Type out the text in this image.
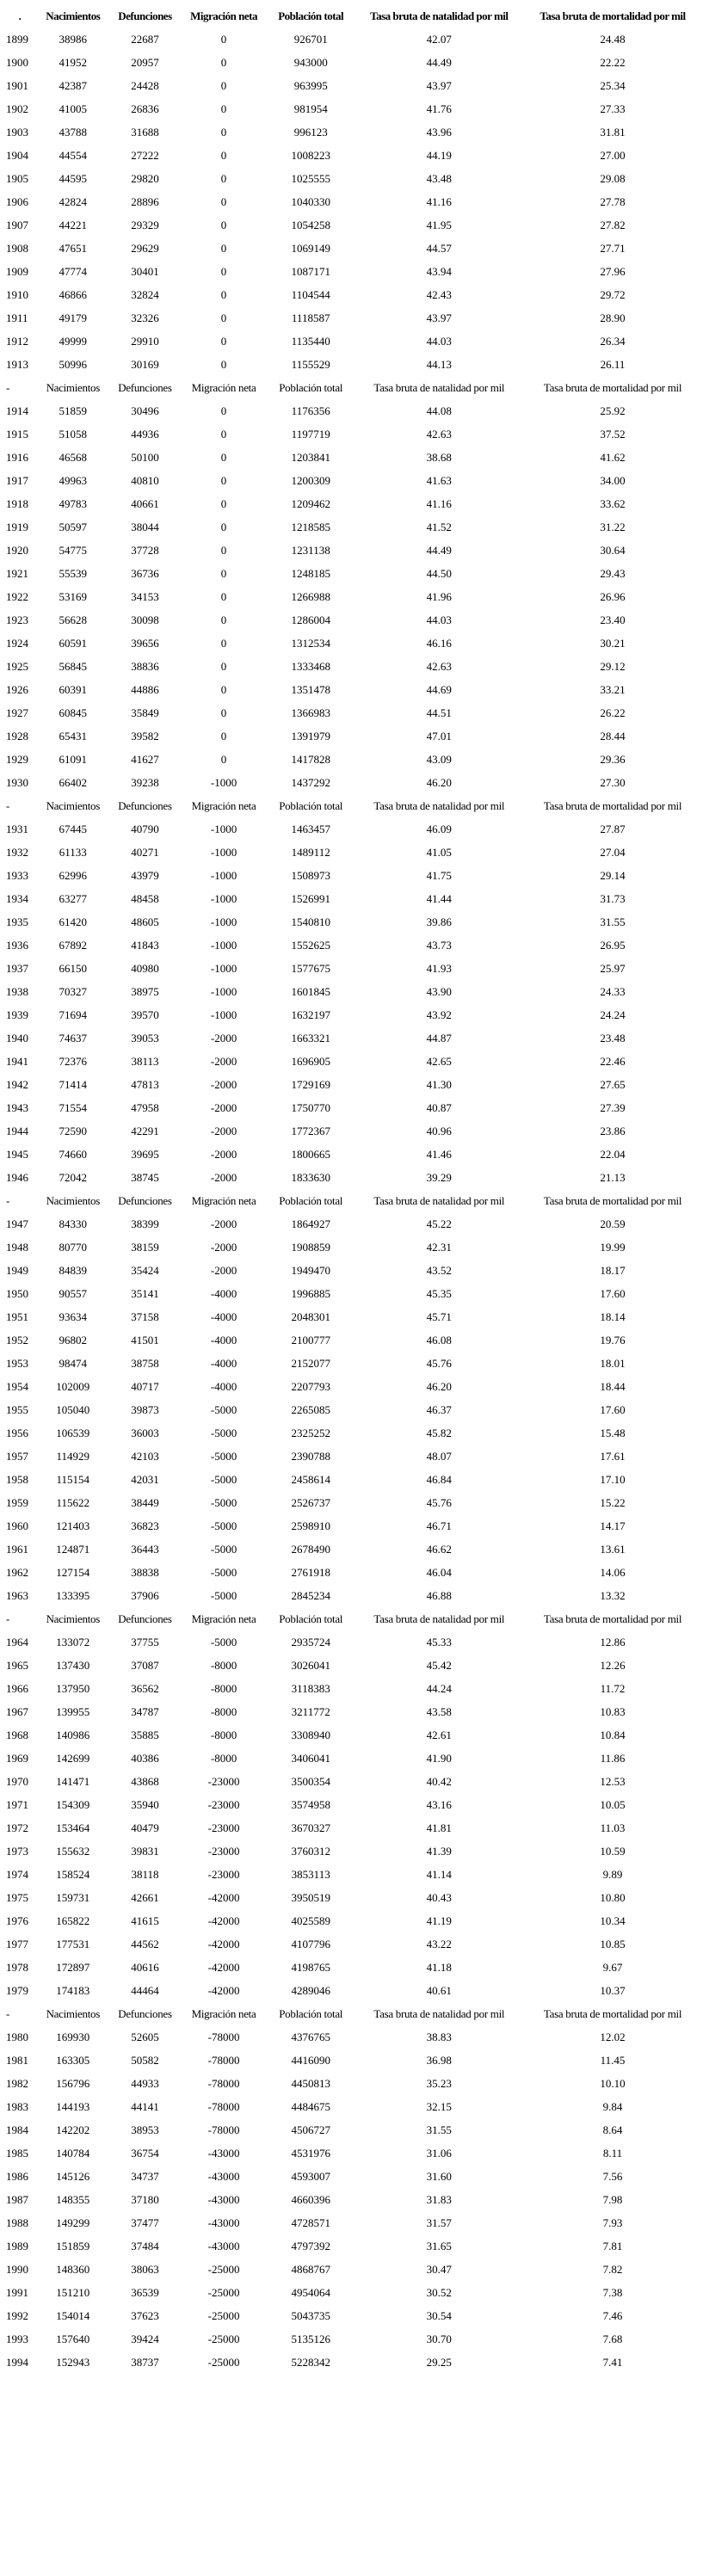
.	Nacimientos	Defunciones	Migración neta	Población total	Tasa bruta de natalidad por mil	Tasa bruta de mortalidad por mil
1899	38986	22687	0	926701	42.07	24.48
1900	41952	20957	0	943000	44.49	22.22
1901	42387	24428	0	963995	43.97	25.34
1902	41005	26836	0	981954	41.76	27.33
1903	43788	31688	0	996123	43.96	31.81
1904	44554	27222	0	1008223	44.19	27.00
1905	44595	29820	0	1025555	43.48	29.08
1906	42824	28896	0	1040330	41.16	27.78
1907	44221	29329	0	1054258	41.95	27.82
1908	47651	29629	0	1069149	44.57	27.71
1909	47774	30401	0	1087171	43.94	27.96
1910	46866	32824	0	1104544	42.43	29.72
1911	49179	32326	0	1118587	43.97	28.90
1912	49999	29910	0	1135440	44.03	26.34
1913	50996	30169	0	1155529	44.13	26.11
-	Nacimientos	Defunciones	Migración neta	Población total	Tasa bruta de natalidad por mil	Tasa bruta de mortalidad por mil
1914	51859	30496	0	1176356	44.08	25.92
1915	51058	44936	0	1197719	42.63	37.52
1916	46568	50100	0	1203841	38.68	41.62
1917	49963	40810	0	1200309	41.63	34.00
1918	49783	40661	0	1209462	41.16	33.62
1919	50597	38044	0	1218585	41.52	31.22
1920	54775	37728	0	1231138	44.49	30.64
1921	55539	36736	0	1248185	44.50	29.43
1922	53169	34153	0	1266988	41.96	26.96
1923	56628	30098	0	1286004	44.03	23.40
1924	60591	39656	0	1312534	46.16	30.21
1925	56845	38836	0	1333468	42.63	29.12
1926	60391	44886	0	1351478	44.69	33.21
1927	60845	35849	0	1366983	44.51	26.22
1928	65431	39582	0	1391979	47.01	28.44
1929	61091	41627	0	1417828	43.09	29.36
1930	66402	39238	-1000	1437292	46.20	27.30
-	Nacimientos	Defunciones	Migración neta	Población total	Tasa bruta de natalidad por mil	Tasa bruta de mortalidad por mil
1931	67445	40790	-1000	1463457	46.09	27.87
1932	61133	40271	-1000	1489112	41.05	27.04
1933	62996	43979	-1000	1508973	41.75	29.14
1934	63277	48458	-1000	1526991	41.44	31.73
1935	61420	48605	-1000	1540810	39.86	31.55
1936	67892	41843	-1000	1552625	43.73	26.95
1937	66150	40980	-1000	1577675	41.93	25.97
1938	70327	38975	-1000	1601845	43.90	24.33
1939	71694	39570	-1000	1632197	43.92	24.24
1940	74637	39053	-2000	1663321	44.87	23.48
1941	72376	38113	-2000	1696905	42.65	22.46
1942	71414	47813	-2000	1729169	41.30	27.65
1943	71554	47958	-2000	1750770	40.87	27.39
1944	72590	42291	-2000	1772367	40.96	23.86
1945	74660	39695	-2000	1800665	41.46	22.04
1946	72042	38745	-2000	1833630	39.29	21.13
-	Nacimientos	Defunciones	Migración neta	Población total	Tasa bruta de natalidad por mil	Tasa bruta de mortalidad por mil
1947	84330	38399	-2000	1864927	45.22	20.59
1948	80770	38159	-2000	1908859	42.31	19.99
1949	84839	35424	-2000	1949470	43.52	18.17
1950	90557	35141	-4000	1996885	45.35	17.60
1951	93634	37158	-4000	2048301	45.71	18.14
1952	96802	41501	-4000	2100777	46.08	19.76
1953	98474	38758	-4000	2152077	45.76	18.01
1954	102009	40717	-4000	2207793	46.20	18.44
1955	105040	39873	-5000	2265085	46.37	17.60
1956	106539	36003	-5000	2325252	45.82	15.48
1957	114929	42103	-5000	2390788	48.07	17.61
1958	115154	42031	-5000	2458614	46.84	17.10
1959	115622	38449	-5000	2526737	45.76	15.22
1960	121403	36823	-5000	2598910	46.71	14.17
1961	124871	36443	-5000	2678490	46.62	13.61
1962	127154	38838	-5000	2761918	46.04	14.06
1963	133395	37906	-5000	2845234	46.88	13.32
-	Nacimientos	Defunciones	Migración neta	Población total	Tasa bruta de natalidad por mil	Tasa bruta de mortalidad por mil
1964	133072	37755	-5000	2935724	45.33	12.86
1965	137430	37087	-8000	3026041	45.42	12.26
1966	137950	36562	-8000	3118383	44.24	11.72
1967	139955	34787	-8000	3211772	43.58	10.83
1968	140986	35885	-8000	3308940	42.61	10.84
1969	142699	40386	-8000	3406041	41.90	11.86
1970	141471	43868	-23000	3500354	40.42	12.53
1971	154309	35940	-23000	3574958	43.16	10.05
1972	153464	40479	-23000	3670327	41.81	11.03
1973	155632	39831	-23000	3760312	41.39	10.59
1974	158524	38118	-23000	3853113	41.14	9.89
1975	159731	42661	-42000	3950519	40.43	10.80
1976	165822	41615	-42000	4025589	41.19	10.34
1977	177531	44562	-42000	4107796	43.22	10.85
1978	172897	40616	-42000	4198765	41.18	9.67
1979	174183	44464	-42000	4289046	40.61	10.37
-	Nacimientos	Defunciones	Migración neta	Población total	Tasa bruta de natalidad por mil	Tasa bruta de mortalidad por mil
1980	169930	52605	-78000	4376765	38.83	12.02
1981	163305	50582	-78000	4416090	36.98	11.45
1982	156796	44933	-78000	4450813	35.23	10.10
1983	144193	44141	-78000	4484675	32.15	9.84
1984	142202	38953	-78000	4506727	31.55	8.64
1985	140784	36754	-43000	4531976	31.06	8.11
1986	145126	34737	-43000	4593007	31.60	7.56
1987	148355	37180	-43000	4660396	31.83	7.98
1988	149299	37477	-43000	4728571	31.57	7.93
1989	151859	37484	-43000	4797392	31.65	7.81
1990	148360	38063	-25000	4868767	30.47	7.82
1991	151210	36539	-25000	4954064	30.52	7.38
1992	154014	37623	-25000	5043735	30.54	7.46
1993	157640	39424	-25000	5135126	30.70	7.68
1994	152943	38737	-25000	5228342	29.25	7.41
